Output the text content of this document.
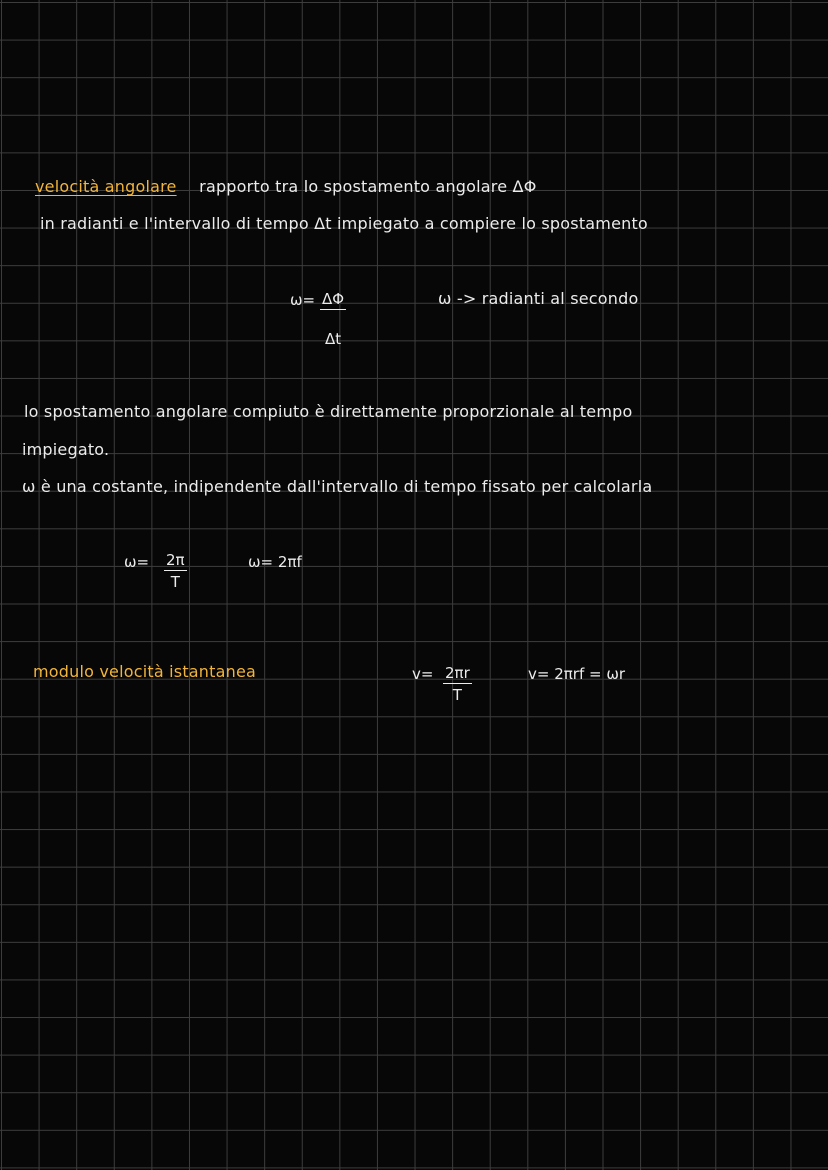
velocità angolare rapporto tra lo spostamento angolare ΔΦ
in radianti e l'intervallo di tempo Δt impiegato a compiere lo spostamento
$\omega= \frac{\Delta\Phi}{\Delta t}$	ω -> radianti al secondo
lo spostamento angolare compiuto è direttamente proporzionale al tempo
impiegato.
ω è una costante, indipendente dall'intervallo di tempo fissato per calcolarla
$\omega= \frac{2\pi}{T}$	ω= 2πf
modulo velocità istantanea	$v= \frac{2\pi r}{T}$	v= 2πrf = ωr
